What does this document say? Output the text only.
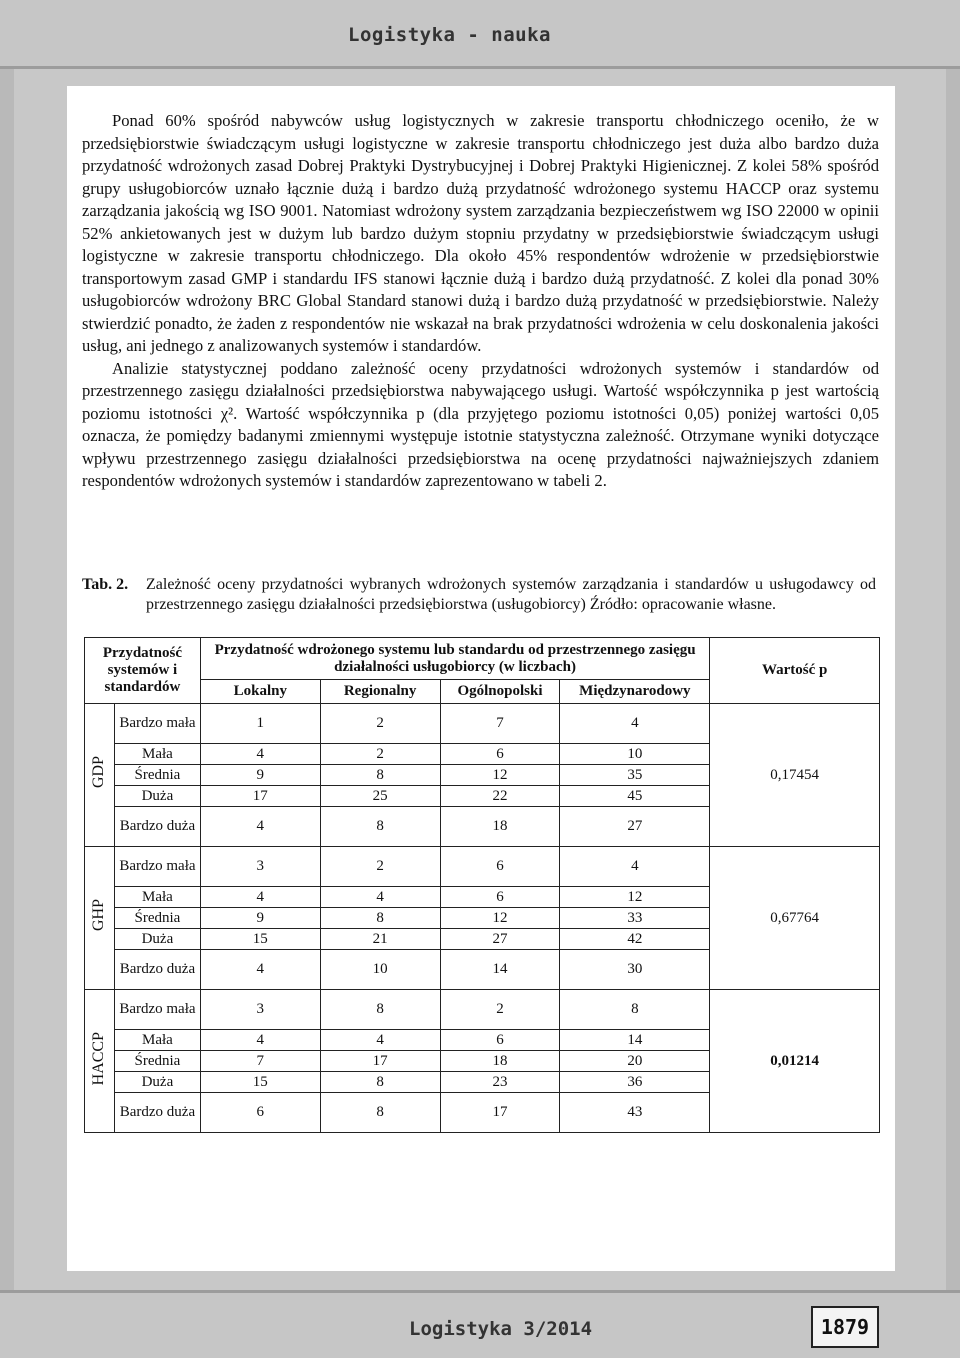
Logistyka - nauka

Ponad 60% spośród nabywców usług logistycznych w zakresie transportu chłodniczego oceniło, że w przedsiębiorstwie świadczącym usługi logistyczne w zakresie transportu chłodniczego jest duża albo bardzo duża przydatność wdrożonych zasad Dobrej Praktyki Dystrybucyjnej i Dobrej Praktyki Higienicznej. Z kolei 58% spośród grupy usługobiorców uznało łącznie dużą i bardzo dużą przydatność wdrożonego systemu HACCP oraz systemu zarządzania jakością wg ISO 9001. Natomiast wdrożony system zarządzania bezpieczeństwem wg ISO 22000 w opinii 52% ankietowanych jest w dużym lub bardzo dużym stopniu przydatny w przedsiębiorstwie świadczącym usługi logistyczne w zakresie transportu chłodniczego. Dla około 45% respondentów wdrożenie w przedsiębiorstwie transportowym zasad GMP i standardu IFS stanowi łącznie dużą i bardzo dużą przydatność. Z kolei dla ponad 30% usługobiorców wdrożony BRC Global Standard stanowi dużą i bardzo dużą przydatność w przedsiębiorstwie. Należy stwierdzić ponadto, że żaden z respondentów nie wskazał na brak przydatności wdrożenia w celu doskonalenia jakości usług, ani jednego z analizowanych systemów i standardów.

Analizie statystycznej poddano zależność oceny przydatności wdrożonych systemów i standardów od przestrzennego zasięgu działalności przedsiębiorstwa nabywającego usługi. Wartość współczynnika p jest wartością poziomu istotności χ². Wartość współczynnika p (dla przyjętego poziomu istotności 0,05) poniżej wartości 0,05 oznacza, że pomiędzy badanymi zmiennymi występuje istotnie statystyczna zależność. Otrzymane wyniki dotyczące wpływu przestrzennego zasięgu działalności przedsiębiorstwa na ocenę przydatności najważniejszych zdaniem respondentów wdrożonych systemów i standardów zaprezentowano w tabeli 2.

Tab. 2. Zależność oceny przydatności wybranych wdrożonych systemów zarządzania i standardów u usługodawcy od przestrzennego zasięgu działalności przedsiębiorstwa (usługobiorcy) Źródło: opracowanie własne.
Przydatność systemów i standardów		Przydatność wdrożonego systemu lub standardu od przestrzennego zasięgu działalności usługobiorcy (w liczbach)				Wartość p
		Lokalny	Regionalny	Ogólnopolski	Międzynarodowy	
GDP	Bardzo mała	1	2	7	4	0,17454
	Mała	4	2	6	10	
	Średnia	9	8	12	35	
	Duża	17	25	22	45	
	Bardzo duża	4	8	18	27	
GHP	Bardzo mała	3	2	6	4	0,67764
	Mała	4	4	6	12	
	Średnia	9	8	12	33	
	Duża	15	21	27	42	
	Bardzo duża	4	10	14	30	
HACCP	Bardzo mała	3	8	2	8	0,01214
	Mała	4	4	6	14	
	Średnia	7	17	18	20	
	Duża	15	8	23	36	
	Bardzo duża	6	8	17	43	
Logistyka 3/2014	1879
